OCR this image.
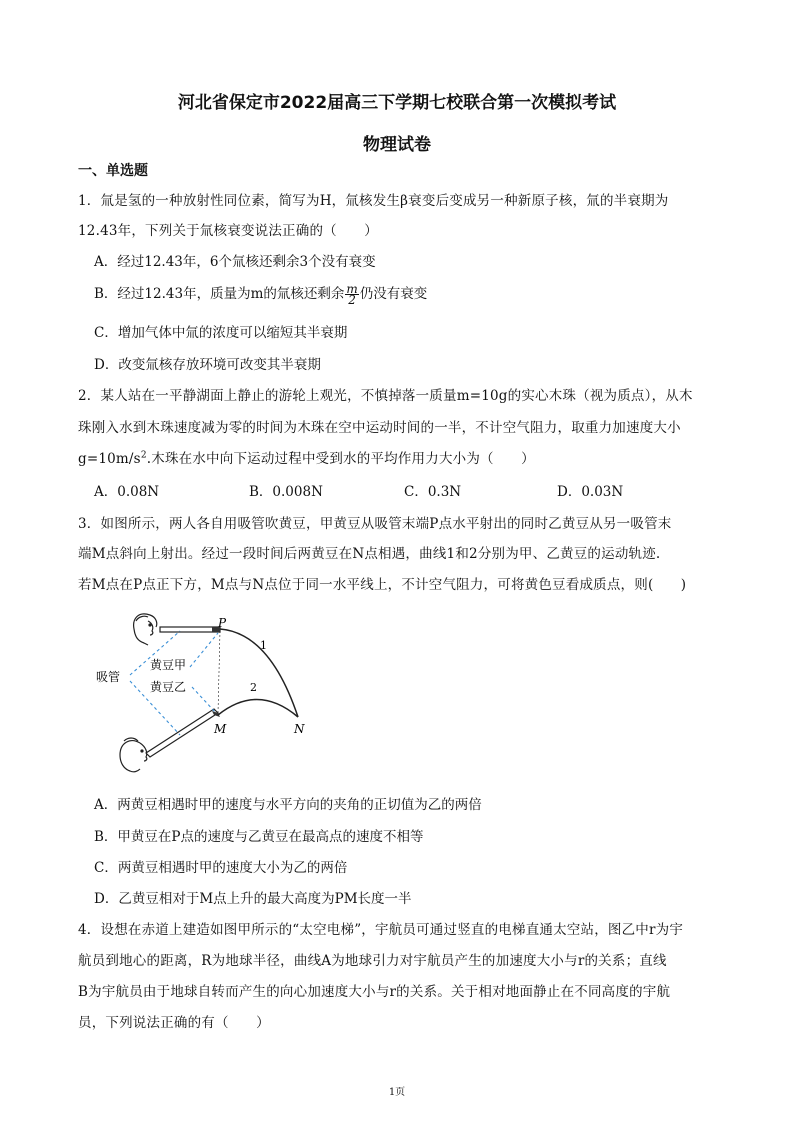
河北省保定市2022届高三下学期七校联合第一次模拟考试
物理试卷
一、单选题
1．氚是氢的一种放射性同位素，简写为H，氚核发生β衰变后变成另一种新原子核，氚的半衰期为
12.43年，下列关于氚核衰变说法正确的（　　）
A．经过12.43年，6个氚核还剩余3个没有衰变
B．经过12.43年，质量为m的氚核还剩余 $\frac{m}{2}$ 仍没有衰变
C．增加气体中氚的浓度可以缩短其半衰期
D．改变氚核存放环境可改变其半衰期
2．某人站在一平静湖面上静止的游轮上观光，不慎掉落一质量m=10g的实心木珠（视为质点），从木
珠刚入水到木珠速度减为零的时间为木珠在空中运动时间的一半，不计空气阻力，取重力加速度大小
$g=10m/s^2$.木珠在水中向下运动过程中受到水的平均作用力大小为（　　）
A．0.08N	B．0.008N	C．0.3N	D．0.03N
3．如图所示，两人各自用吸管吹黄豆，甲黄豆从吸管末端P点水平射出的同时乙黄豆从另一吸管末
端M点斜向上射出。经过一段时间后两黄豆在N点相遇，曲线1和2分别为甲、乙黄豆的运动轨迹.
若M点在P点正下方，M点与N点位于同一水平线上，不计空气阻力，可将黄色豆看成质点，则(　　)
P
M	N
1
2
吸管
黄豆甲
黄豆乙
A．两黄豆相遇时甲的速度与水平方向的夹角的正切值为乙的两倍
B．甲黄豆在P点的速度与乙黄豆在最高点的速度不相等
C．两黄豆相遇时甲的速度大小为乙的两倍
D．乙黄豆相对于M点上升的最大高度为PM长度一半
4．设想在赤道上建造如图甲所示的“太空电梯”，宇航员可通过竖直的电梯直通太空站，图乙中r为宇
航员到地心的距离，R为地球半径，曲线A为地球引力对宇航员产生的加速度大小与r的关系；直线
B为宇航员由于地球自转而产生的向心加速度大小与r的关系。关于相对地面静止在不同高度的宇航
员，下列说法正确的有（　　）
1页
